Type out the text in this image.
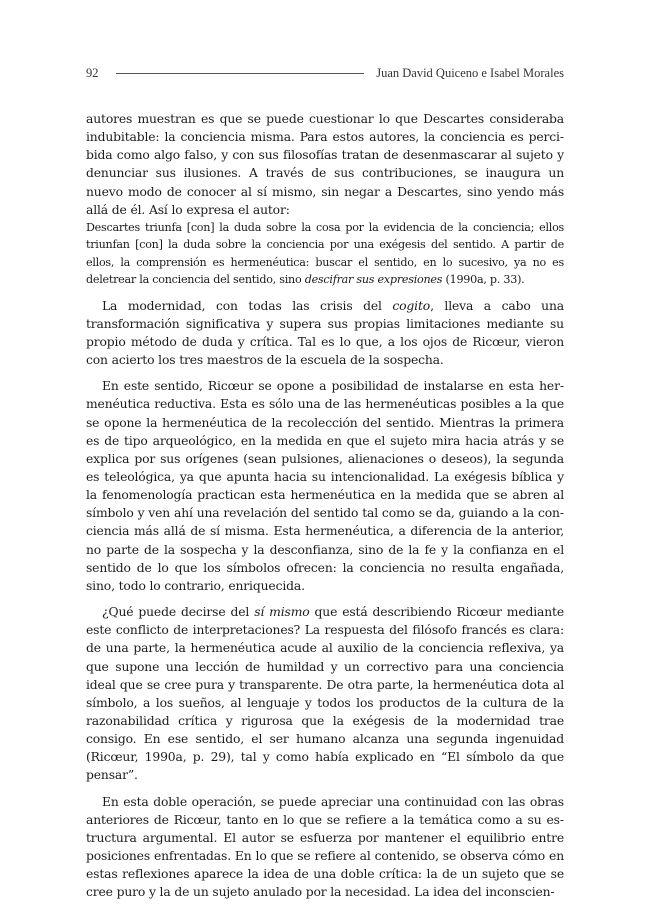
92	Juan David Quiceno e Isabel Morales

autores muestran es que se puede cuestionar lo que Descartes consideraba indubitable: la conciencia misma. Para estos autores, la conciencia es percibida como algo falso, y con sus filosofías tratan de desenmascarar al sujeto y denunciar sus ilusiones. A través de sus contribuciones, se inaugura un nuevo modo de conocer al sí mismo, sin negar a Descartes, sino yendo más allá de él. Así lo expresa el autor:

Descartes triunfa [con] la duda sobre la cosa por la evidencia de la conciencia; ellos triunfan [con] la duda sobre la conciencia por una exégesis del sentido. A partir de ellos, la comprensión es hermenéutica: buscar el sentido, en lo sucesivo, ya no es deletrear la conciencia del sentido, sino descifrar sus expresiones (1990a, p. 33).

La modernidad, con todas las crisis del cogito, lleva a cabo una transformación significativa y supera sus propias limitaciones mediante su propio método de duda y crítica. Tal es lo que, a los ojos de Ricœur, vieron con acierto los tres maestros de la escuela de la sospecha.

En este sentido, Ricœur se opone a posibilidad de instalarse en esta hermenéutica reductiva. Esta es sólo una de las hermenéuticas posibles a la que se opone la hermenéutica de la recolección del sentido. Mientras la primera es de tipo arqueológico, en la medida en que el sujeto mira hacia atrás y se explica por sus orígenes (sean pulsiones, alienaciones o deseos), la segunda es teleológica, ya que apunta hacia su intencionalidad. La exégesis bíblica y la fenomenología practican esta hermenéutica en la medida que se abren al símbolo y ven ahí una revelación del sentido tal como se da, guiando a la conciencia más allá de sí misma. Esta hermenéutica, a diferencia de la anterior, no parte de la sospecha y la desconfianza, sino de la fe y la confianza en el sentido de lo que los símbolos ofrecen: la conciencia no resulta engañada, sino, todo lo contrario, enriquecida.

¿Qué puede decirse del sí mismo que está describiendo Ricœur mediante este conflicto de interpretaciones? La respuesta del filósofo francés es clara: de una parte, la hermenéutica acude al auxilio de la conciencia reflexiva, ya que supone una lección de humildad y un correctivo para una conciencia ideal que se cree pura y transparente. De otra parte, la hermenéutica dota al símbolo, a los sueños, al lenguaje y todos los productos de la cultura de la razonabilidad crítica y rigurosa que la exégesis de la modernidad trae consigo. En ese sentido, el ser humano alcanza una segunda ingenuidad (Ricœur, 1990a, p. 29), tal y como había explicado en “El símbolo da que pensar”.

En esta doble operación, se puede apreciar una continuidad con las obras anteriores de Ricœur, tanto en lo que se refiere a la temática como a su estructura argumental. El autor se esfuerza por mantener el equilibrio entre posiciones enfrentadas. En lo que se refiere al contenido, se observa cómo en estas reflexiones aparece la idea de una doble crítica: la de un sujeto que se cree puro y la de un sujeto anulado por la necesidad. La idea del inconscien-
